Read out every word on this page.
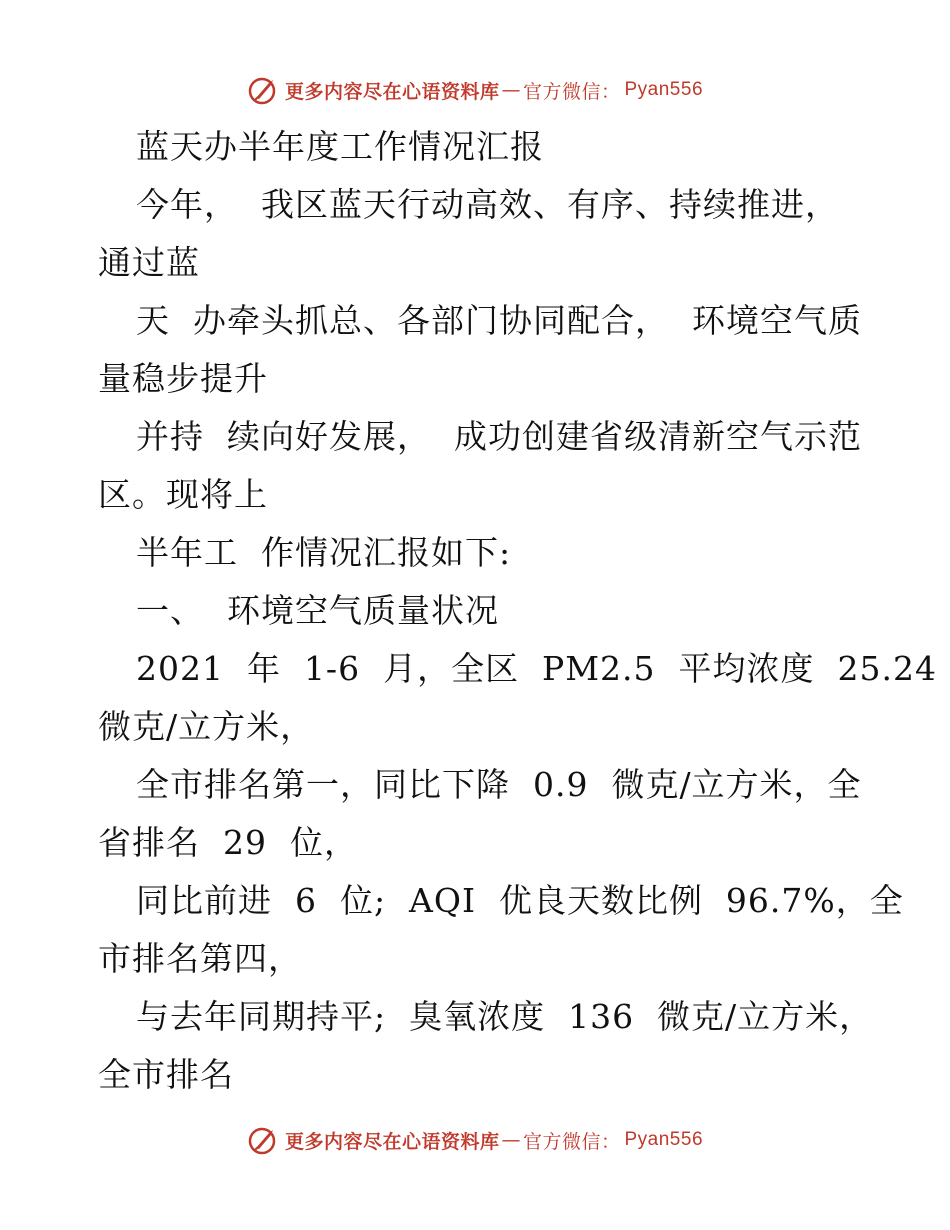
更多内容尽在心语资料库 — 官方微信： Pyan556
蓝天办半年度工作情况汇报
今年，  我区蓝天行动高效、有序、持续推进，
通过蓝
天  办牵头抓总、各部门协同配合，  环境空气质
量稳步提升
并持  续向好发展，  成功创建省级清新空气示范
区。现将上
半年工  作情况汇报如下:
一、  环境空气质量状况
2021  年  1-6  月，全区  PM2.5  平均浓度  25.24
微克/立方米，
全市排名第一，同比下降  0.9  微克/立方米，全
省排名  29  位，
同比前进  6  位;  AQI  优良天数比例  96.7%，全
市排名第四，
与去年同期持平;  臭氧浓度  136  微克/立方米，
全市排名
更多内容尽在心语资料库 — 官方微信： Pyan556
